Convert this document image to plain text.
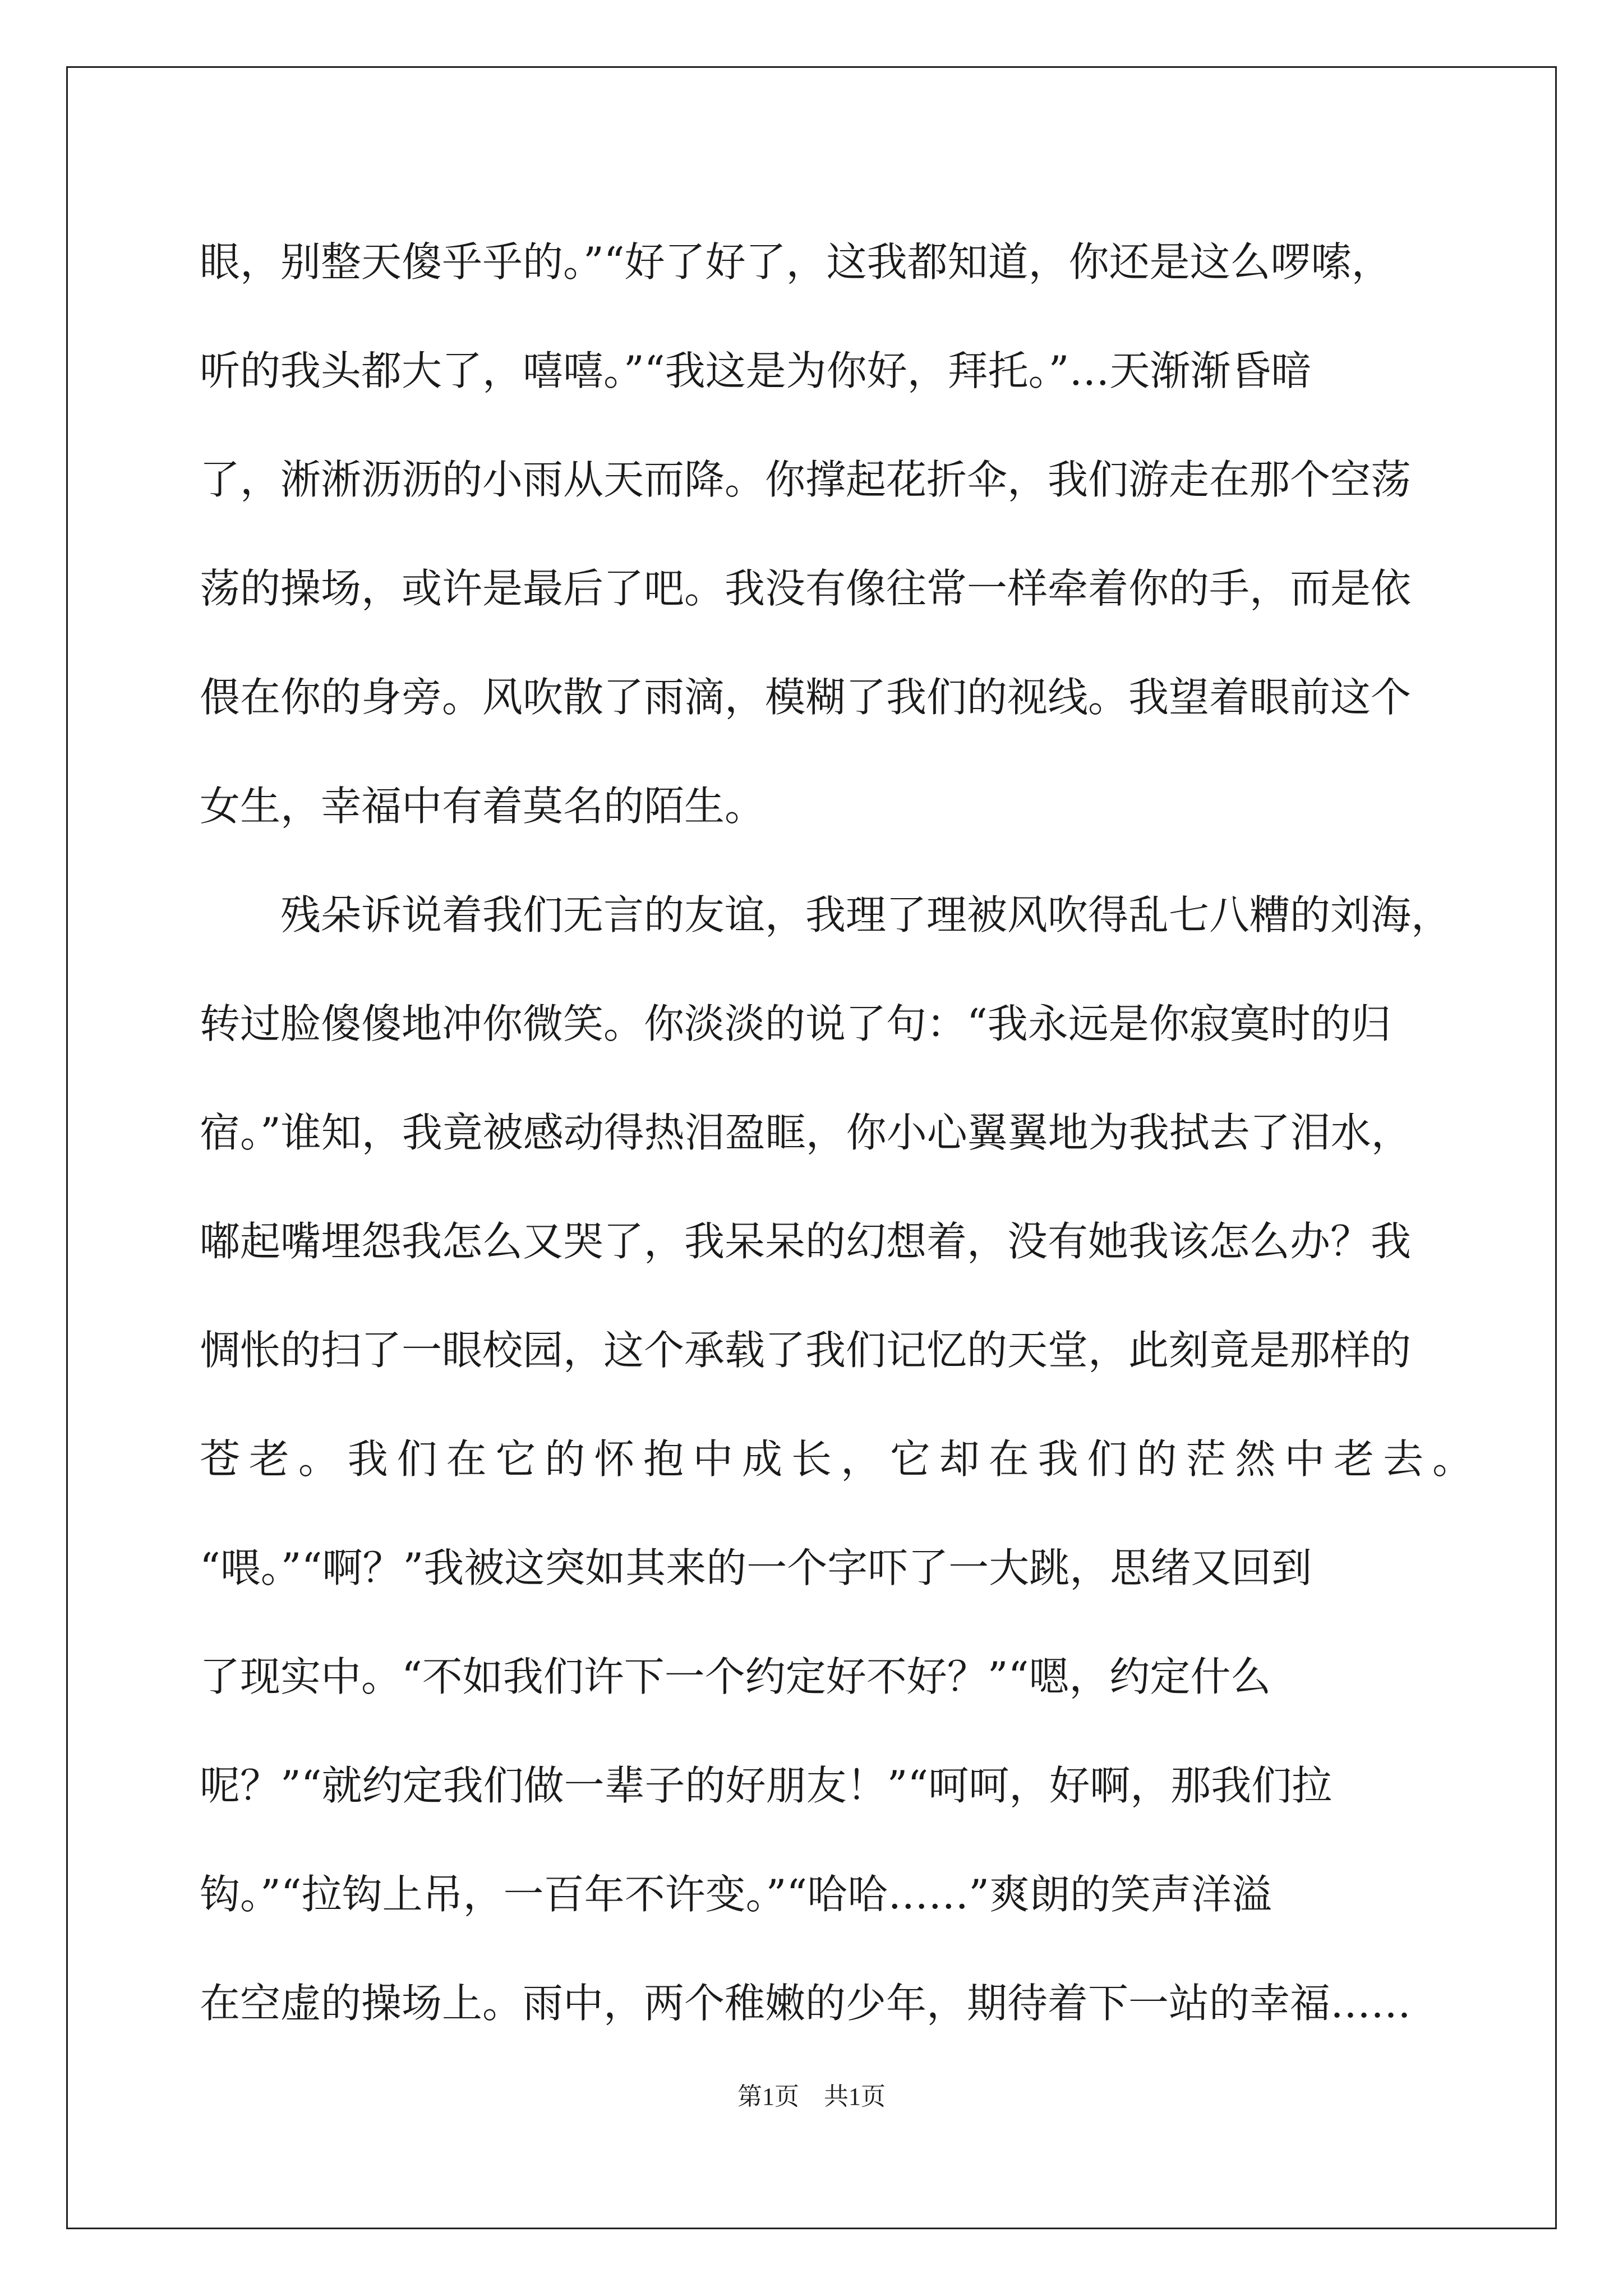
眼，别整天傻乎乎的。”“好了好了，这我都知道，你还是这么啰嗦，
听的我头都大了，嘻嘻。”“我这是为你好，拜托。”…天渐渐昏暗
了，淅淅沥沥的小雨从天而降。你撑起花折伞，我们游走在那个空荡
荡的操场，或许是最后了吧。我没有像往常一样牵着你的手，而是依
偎在你的身旁。风吹散了雨滴，模糊了我们的视线。我望着眼前这个
女生，幸福中有着莫名的陌生。
残朵诉说着我们无言的友谊，我理了理被风吹得乱七八糟的刘海，
转过脸傻傻地冲你微笑。你淡淡的说了句：“我永远是你寂寞时的归
宿。”谁知，我竟被感动得热泪盈眶，你小心翼翼地为我拭去了泪水，
嘟起嘴埋怨我怎么又哭了，我呆呆的幻想着，没有她我该怎么办？我
惆怅的扫了一眼校园，这个承载了我们记忆的天堂，此刻竟是那样的
苍老。我们在它的怀抱中成长，它却在我们的茫然中老去。
“喂。”“啊？”我被这突如其来的一个字吓了一大跳，思绪又回到
了现实中。“不如我们许下一个约定好不好？”“嗯，约定什么
呢？”“就约定我们做一辈子的好朋友！”“呵呵，好啊，那我们拉
钩。”“拉钩上吊，一百年不许变。”“哈哈……”爽朗的笑声洋溢
在空虚的操场上。雨中，两个稚嫩的少年，期待着下一站的幸福……
第1页　共1页
